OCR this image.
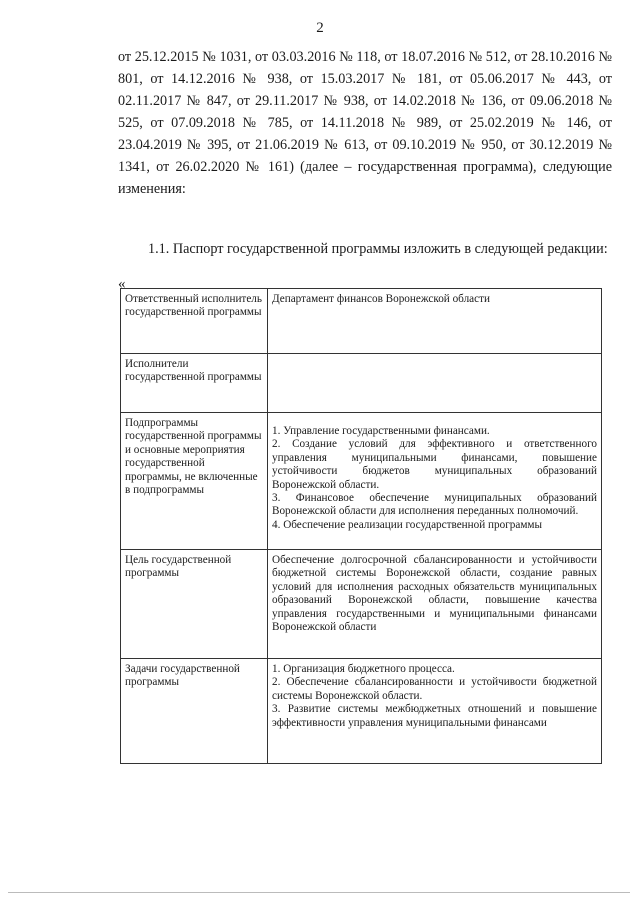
2

от 25.12.2015 № 1031, от 03.03.2016 № 118, от 18.07.2016 № 512, от 28.10.2016 № 801, от 14.12.2016 № 938, от 15.03.2017 № 181, от 05.06.2017 № 443, от 02.11.2017 № 847, от 29.11.2017 № 938, от 14.02.2018 № 136, от 09.06.2018 № 525, от 07.09.2018 № 785, от 14.11.2018 № 989, от 25.02.2019 № 146, от 23.04.2019 № 395, от 21.06.2019 № 613, от 09.10.2019 № 950, от 30.12.2019 № 1341, от 26.02.2020 № 161) (далее – государственная программа), следующие изменения:

1.1. Паспорт государственной программы изложить в следующей редакции:

«
Ответственный исполнитель государственной программы	Департамент финансов Воронежской области

Исполнители государственной программы	
Подпрограммы государственной программы и основные мероприятия государственной программы, не включенные в подпрограммы	1. Управление государственными финансами.
2. Создание условий для эффективного и ответственного управления муниципальными финансами, повышение устойчивости бюджетов муниципальных образований Воронежской области.
3. Финансовое обеспечение муниципальных образований Воронежской области для исполнения переданных полномочий.
4. Обеспечение реализации государственной программы

Цель государственной программы	Обеспечение долгосрочной сбалансированности и устойчивости бюджетной системы Воронежской области, создание равных условий для исполнения расходных обязательств муниципальных образований Воронежской области, повышение качества управления государственными и муниципальными финансами Воронежской области

Задачи государственной программы	1. Организация бюджетного процесса.
2. Обеспечение сбалансированности и устойчивости бюджетной системы Воронежской области.
3. Развитие системы межбюджетных отношений и повышение эффективности управления муниципальными финансами
